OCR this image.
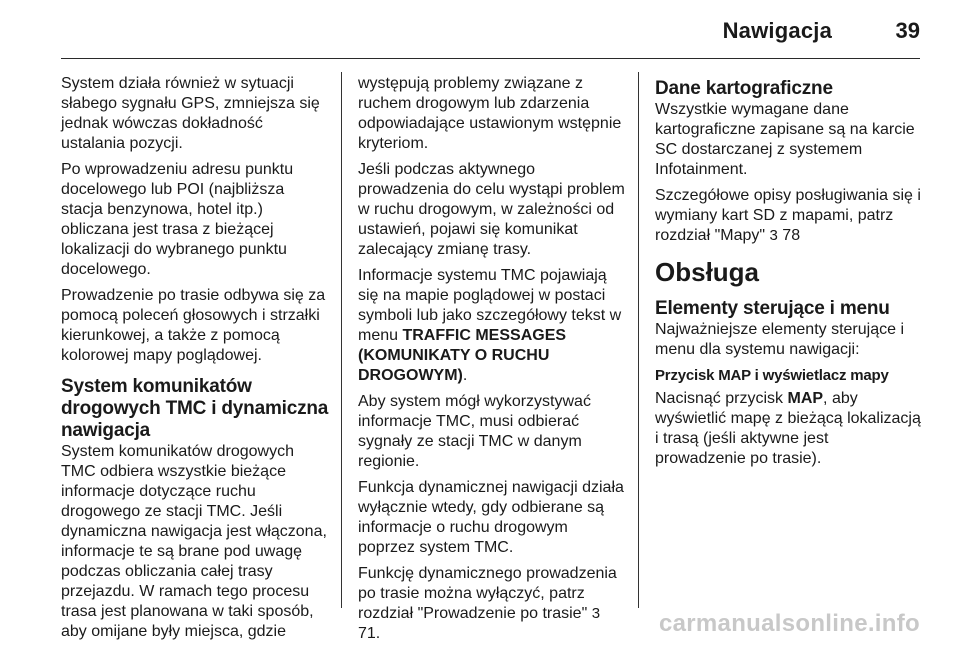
Nawigacja	39

System działa również w sytuacji słabego sygnału GPS, zmniejsza się jednak wówczas dokładność ustalania pozycji.

Po wprowadzeniu adresu punktu docelowego lub POI (najbliższa stacja benzynowa, hotel itp.) obliczana jest trasa z bieżącej lokalizacji do wybranego punktu docelowego.

Prowadzenie po trasie odbywa się za pomocą poleceń głosowych i strzałki kierunkowej, a także z pomocą kolorowej mapy poglądowej.

System komunikatów drogowych TMC i dynamiczna nawigacja

System komunikatów drogowych TMC odbiera wszystkie bieżące informacje dotyczące ruchu drogowego ze stacji TMC. Jeśli dynamiczna nawigacja jest włączona, informacje te są brane pod uwagę podczas obliczania całej trasy przejazdu. W ramach tego procesu trasa jest planowana w taki sposób, aby omijane były miejsca, gdzie

występują problemy związane z ruchem drogowym lub zdarzenia odpowiadające ustawionym wstępnie kryteriom.

Jeśli podczas aktywnego prowadzenia do celu wystąpi problem w ruchu drogowym, w zależności od ustawień, pojawi się komunikat zalecający zmianę trasy.

Informacje systemu TMC pojawiają się na mapie poglądowej w postaci symboli lub jako szczegółowy tekst w menu TRAFFIC MESSAGES (KOMUNIKATY O RUCHU DROGOWYM).

Aby system mógł wykorzystywać informacje TMC, musi odbierać sygnały ze stacji TMC w danym regionie.

Funkcja dynamicznej nawigacji działa wyłącznie wtedy, gdy odbierane są informacje o ruchu drogowym poprzez system TMC.

Funkcję dynamicznego prowadzenia po trasie można wyłączyć, patrz rozdział "Prowadzenie po trasie" 3 71.

Dane kartograficzne

Wszystkie wymagane dane kartograficzne zapisane są na karcie SC dostarczanej z systemem Infotainment.

Szczegółowe opisy posługiwania się i wymiany kart SD z mapami, patrz rozdział "Mapy" 3 78

Obsługa
Elementy sterujące i menu

Najważniejsze elementy sterujące i menu dla systemu nawigacji:

Przycisk MAP i wyświetlacz mapy

Nacisnąć przycisk MAP, aby wyświetlić mapę z bieżącą lokalizacją i trasą (jeśli aktywne jest prowadzenie po trasie).

carmanualsonline.info
